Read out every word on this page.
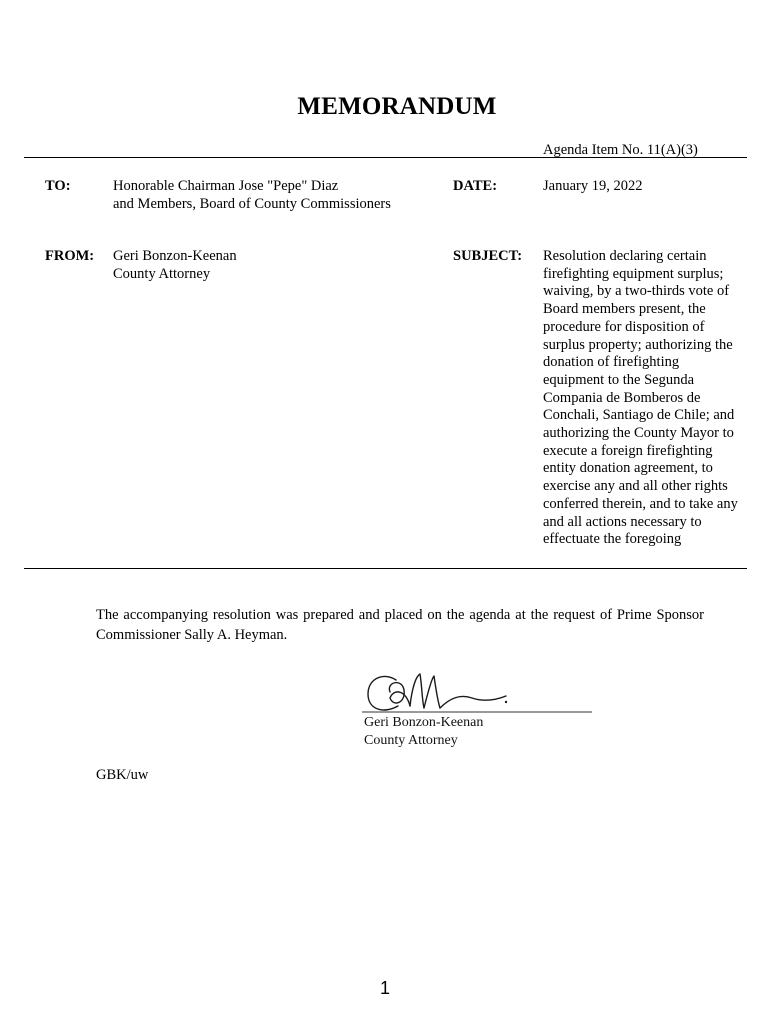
MEMORANDUM
Agenda Item No. 11(A)(3)
TO:	Honorable Chairman Jose "Pepe" Diaz
and Members, Board of County Commissioners
DATE:	January 19, 2022
FROM: Geri Bonzon-Keenan
County Attorney
SUBJECT: Resolution declaring certain
firefighting equipment surplus;
waiving, by a two-thirds vote of
Board members present, the
procedure for disposition of
surplus property; authorizing the
donation of firefighting
equipment to the Segunda
Compania de Bomberos de
Conchali, Santiago de Chile; and
authorizing the County Mayor to
execute a foreign firefighting
entity donation agreement, to
exercise any and all other rights
conferred therein, and to take any
and all actions necessary to
effectuate the foregoing
The accompanying resolution was prepared and placed on the agenda at the request of Prime Sponsor Commissioner Sally A. Heyman.
Geri Bonzon-Keenan
County Attorney
GBK/uw
1
